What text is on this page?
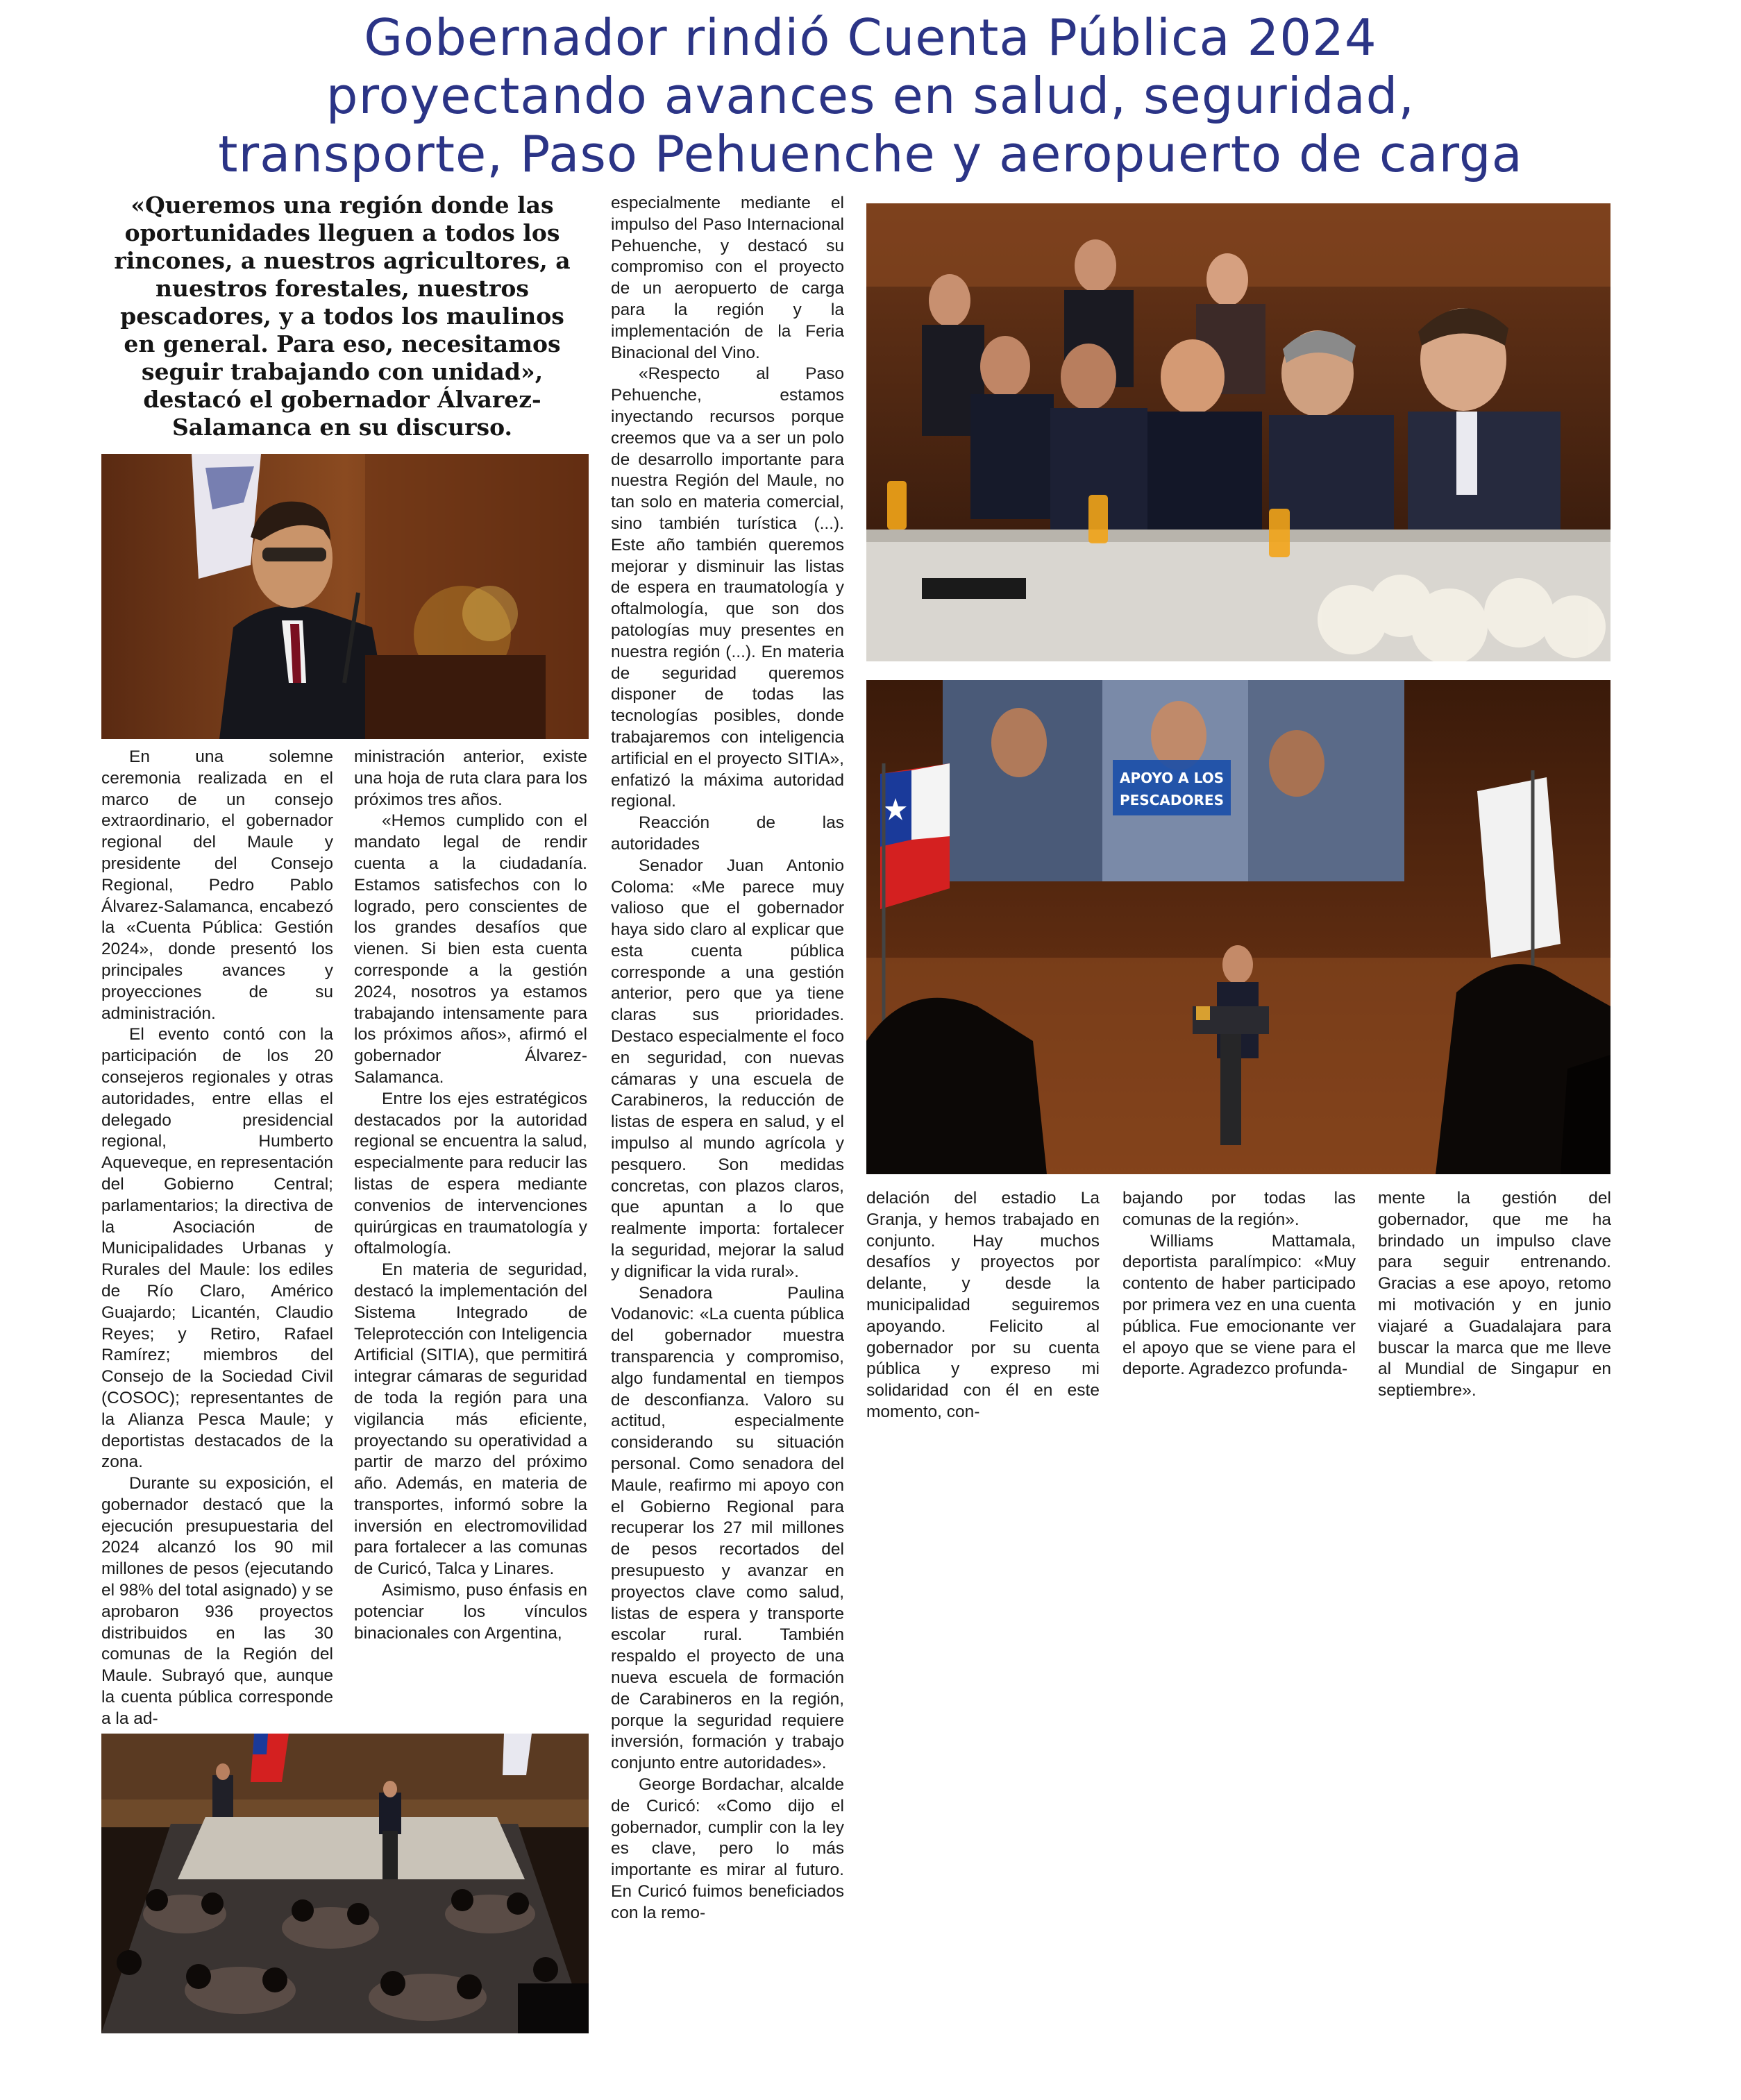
Gobernador rindió Cuenta Pública 2024
proyectando avances en salud, seguridad,
transporte, Paso Pehuenche y aeropuerto de carga

«Queremos una región donde las oportunidades lleguen a todos los rincones, a nuestros agricultores, a nuestros forestales, nuestros pescadores, y a todos los maulinos en general. Para eso, necesitamos seguir trabajando con unidad», destacó el gobernador Álvarez-Salamanca en su discurso.

APOYO A LOS
PESCADORES

En una solemne ceremonia realizada en el marco de un consejo extraordinario, el gobernador regional del Maule y presidente del Consejo Regional, Pedro Pablo Álvarez-Salamanca, encabezó la «Cuenta Pública: Gestión 2024», donde presentó los principales avances y proyecciones de su administración.

El evento contó con la participación de los 20 consejeros regionales y otras autoridades, entre ellas el delegado presidencial regional, Humberto Aqueveque, en representación del Gobierno Central; parlamentarios; la directiva de la Asociación de Municipalidades Urbanas y Rurales del Maule: los ediles de Río Claro, Américo Guajardo; Licantén, Claudio Reyes; y Retiro, Rafael Ramírez; miembros del Consejo de la Sociedad Civil (COSOC); representantes de la Alianza Pesca Maule; y deportistas destacados de la zona.

Durante su exposición, el gobernador destacó que la ejecución presupuestaria del 2024 alcanzó los 90 mil millones de pesos (ejecutando el 98% del total asignado) y se aprobaron 936 proyectos distribuidos en las 30 comunas de la Región del Maule. Subrayó que, aunque la cuenta pública corresponde a la ad-

ministración anterior, existe una hoja de ruta clara para los próximos tres años.

«Hemos cumplido con el mandato legal de rendir cuenta a la ciudadanía. Estamos satisfechos con lo logrado, pero conscientes de los grandes desafíos que vienen. Si bien esta cuenta corresponde a la gestión 2024, nosotros ya estamos trabajando intensamente para los próximos años», afirmó el gobernador Álvarez-Salamanca.

Entre los ejes estratégicos destacados por la autoridad regional se encuentra la salud, especialmente para reducir las listas de espera mediante convenios de intervenciones quirúrgicas en traumatología y oftalmología.

En materia de seguridad, destacó la implementación del Sistema Integrado de Teleprotección con Inteligencia Artificial (SITIA), que permitirá integrar cámaras de seguridad de toda la región para una vigilancia más eficiente, proyectando su operatividad a partir de marzo del próximo año. Además, en materia de transportes, informó sobre la inversión en electromovilidad para fortalecer a las comunas de Curicó, Talca y Linares.

Asimismo, puso énfasis en potenciar los vínculos binacionales con Argentina,

especialmente mediante el impulso del Paso Internacional Pehuenche, y destacó su compromiso con el proyecto de un aeropuerto de carga para la región y la implementación de la Feria Binacional del Vino.

«Respecto al Paso Pehuenche, estamos inyectando recursos porque creemos que va a ser un polo de desarrollo importante para nuestra Región del Maule, no tan solo en materia comercial, sino también turística (...). Este año también queremos mejorar y disminuir las listas de espera en traumatología y oftalmología, que son dos patologías muy presentes en nuestra región (...). En materia de seguridad queremos disponer de todas las tecnologías posibles, donde trabajaremos con inteligencia artificial en el proyecto SITIA», enfatizó la máxima autoridad regional.

Reacción de las autoridades

Senador Juan Antonio Coloma: «Me parece muy valioso que el gobernador haya sido claro al explicar que esta cuenta pública corresponde a una gestión anterior, pero que ya tiene claras sus prioridades. Destaco especialmente el foco en seguridad, con nuevas cámaras y una escuela de Carabineros, la reducción de listas de espera en salud, y el impulso al mundo agrícola y pesquero. Son medidas concretas, con plazos claros, que apuntan a lo que realmente importa: fortalecer la seguridad, mejorar la salud y dignificar la vida rural».

Senadora Paulina Vodanovic: «La cuenta pública del gobernador muestra transparencia y compromiso, algo fundamental en tiempos de desconfianza. Valoro su actitud, especialmente considerando su situación personal. Como senadora del Maule, reafirmo mi apoyo con el Gobierno Regional para recuperar los 27 mil millones de pesos recortados del presupuesto y avanzar en proyectos clave como salud, listas de espera y transporte escolar rural. También respaldo el proyecto de una nueva escuela de formación de Carabineros en la región, porque la seguridad requiere inversión, formación y trabajo conjunto entre autoridades».

George Bordachar, alcalde de Curicó: «Como dijo el gobernador, cumplir con la ley es clave, pero lo más importante es mirar al futuro. En Curicó fuimos beneficiados con la remo-

delación del estadio La Granja, y hemos trabajado en conjunto. Hay muchos desafíos y proyectos por delante, y desde la municipalidad seguiremos apoyando. Felicito al gobernador por su cuenta pública y expreso mi solidaridad con él en este momento, con-

bajando por todas las comunas de la región».

Williams Mattamala, deportista paralímpico: «Muy contento de haber participado por primera vez en una cuenta pública. Fue emocionante ver el apoyo que se viene para el deporte. Agradezco profunda-

mente la gestión del gobernador, que me ha brindado un impulso clave para seguir entrenando. Gracias a ese apoyo, retomo mi motivación y en junio viajaré a Guadalajara para buscar la marca que me lleve al Mundial de Singapur en septiembre».
